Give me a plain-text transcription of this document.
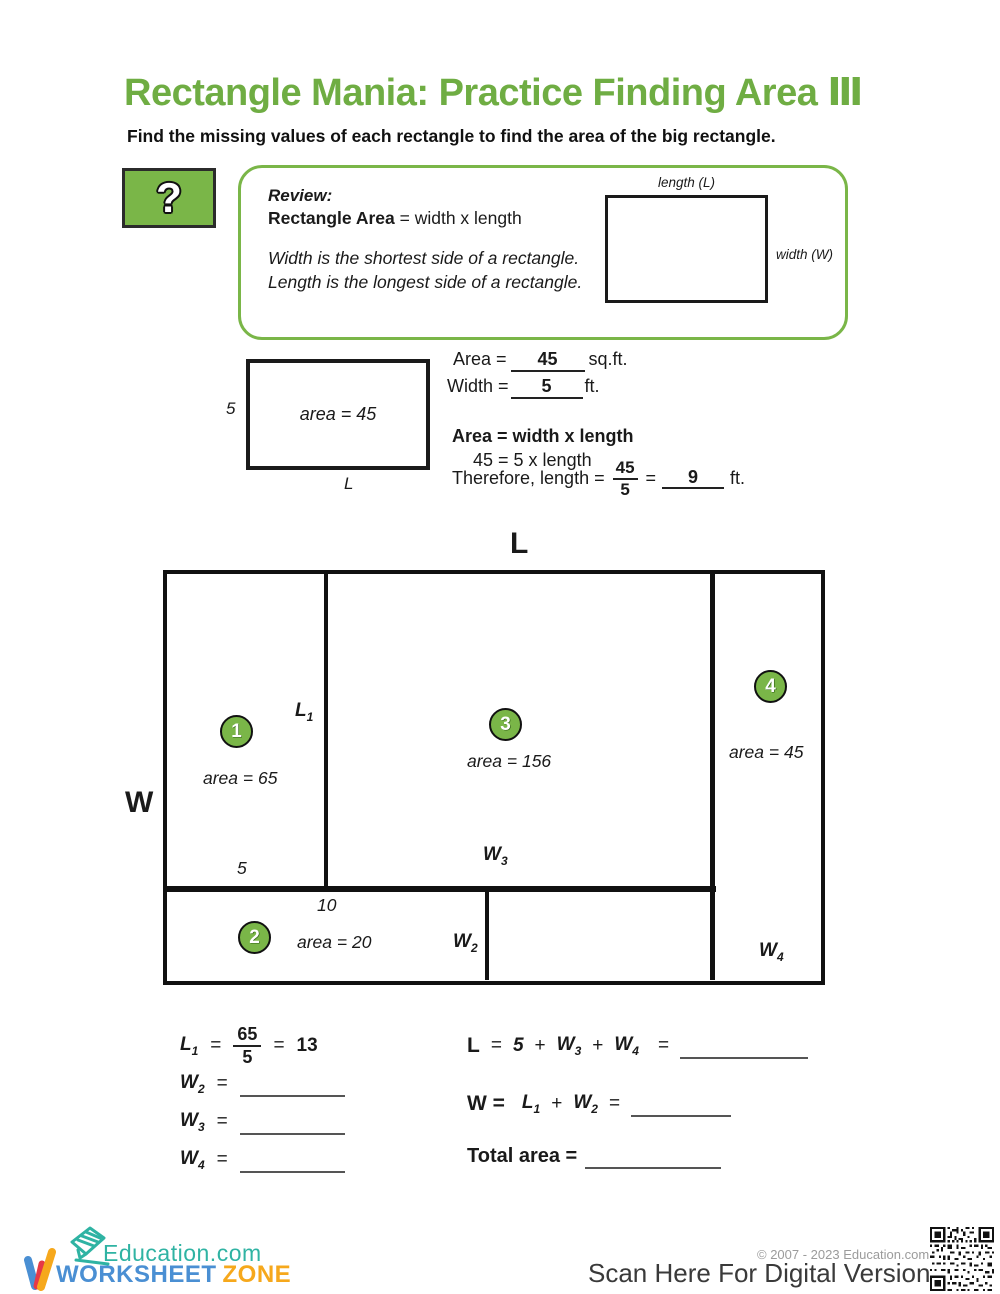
Rectangle Mania: Practice Finding Area Ⅲ
Find the missing values of each rectangle to find the area of the big rectangle.
?	Review:
Rectangle Area = width x length
Width is the shortest side of a rectangle.
Length is the longest side of a rectangle.
length (L)
width (W)
area = 45
5
L
Area =	45	sq.ft.
Width =	5	ft.
Area = width x length
45 = 5 x length
Therefore, length = $\frac{45}{5}$ =	9	ft.
L
W
1
$L_1$
area = 65
5
3
area = 156
$W_3$
4
area = 45
$W_4$
2
10
area = 20	$W_2$
$L_1 = \frac{65}{5} = 13$
$W_2$ =
$W_3$ =
$W_4$ =
$L = 5 + W_3 + W_4$ =
$W = L_1 + W_2$ =
Total area =
Education.com
WORKSHEET ZONE
© 2007 - 2023 Education.com
Scan Here For Digital Version
